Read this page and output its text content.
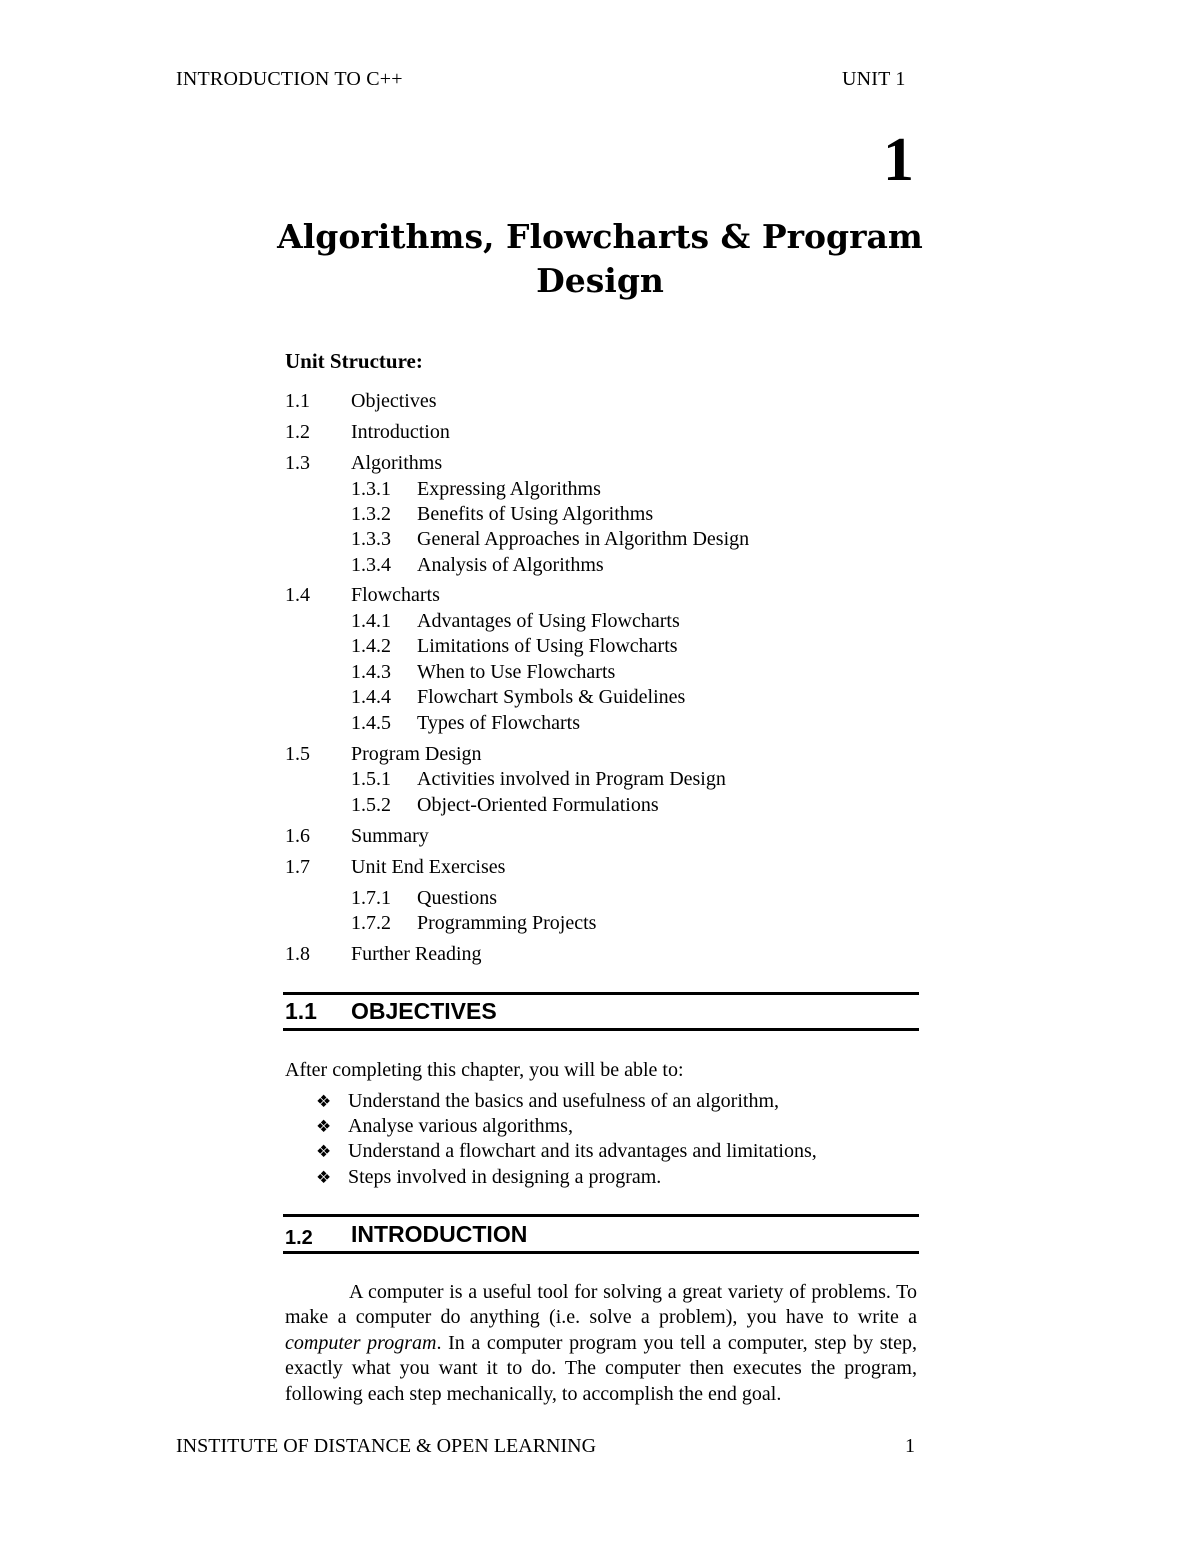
INTRODUCTION TO C++	UNIT 1
1
Algorithms, Flowcharts & Program
Design
Unit Structure:
1.1 Objectives
1.2 Introduction
1.3 Algorithms
1.3.1 Expressing Algorithms
1.3.2 Benefits of Using Algorithms
1.3.3 General Approaches in Algorithm Design
1.3.4 Analysis of Algorithms
1.4 Flowcharts
1.4.1 Advantages of Using Flowcharts
1.4.2 Limitations of Using Flowcharts
1.4.3 When to Use Flowcharts
1.4.4 Flowchart Symbols & Guidelines
1.4.5 Types of Flowcharts
1.5 Program Design
1.5.1 Activities involved in Program Design
1.5.2 Object-Oriented Formulations
1.6 Summary
1.7 Unit End Exercises
1.7.1 Questions
1.7.2 Programming Projects
1.8 Further Reading
1.1 OBJECTIVES
After completing this chapter, you will be able to:
❖ Understand the basics and usefulness of an algorithm,
❖ Analyse various algorithms,
❖ Understand a flowchart and its advantages and limitations,
❖ Steps involved in designing a program.
1.2 INTRODUCTION
A computer is a useful tool for solving a great variety of problems. To make a computer do anything (i.e. solve a problem), you have to write a computer program. In a computer program you tell a computer, step by step, exactly what you want it to do. The computer then executes the program, following each step mechanically, to accomplish the end goal.
INSTITUTE OF DISTANCE & OPEN LEARNING	1
